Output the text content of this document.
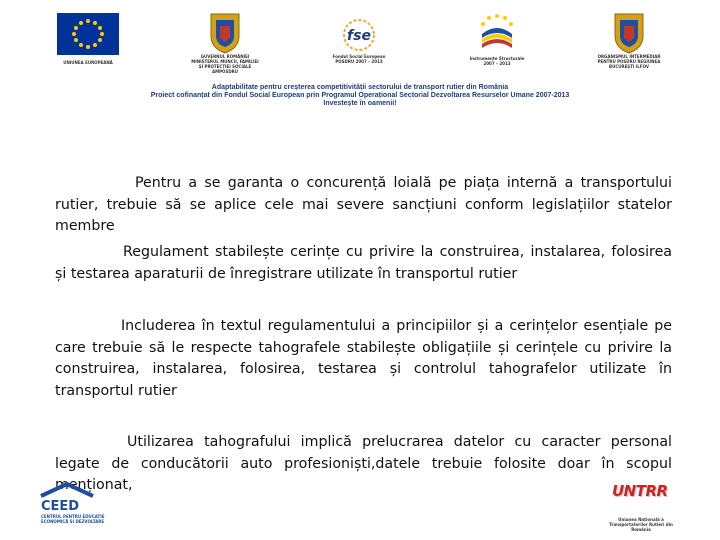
UNIUNEA EUROPEANĂ
GUVERNUL ROMÂNIEI MINISTERUL MUNCII, FAMILIEI ȘI PROTECȚIEI SOCIALE AMPOSDRU
fse
Fondul Social European POSDRU 2007 – 2013
Instrumente Structurale 2007 – 2013
ORGANISMUL INTERMEDIAR PENTRU POSDRU REGIUNEA BUCUREȘTI ILFOV
Adaptabilitate pentru creșterea competitivității sectorului de transport rutier din România
Proiect cofinanțat din Fondul Social European prin Programul Operațional Sectorial Dezvoltarea Resurselor Umane 2007-2013
Investește în oamenii!
Pentru a se garanta o concurență loială pe piața internă a transportului rutier, trebuie să se aplice cele mai severe sancțiuni conform legislațiilor statelor membre
Regulament stabilește cerințe cu privire la construirea, instalarea, folosirea și testarea aparaturii de înregistrare utilizate în transportul rutier
Includerea în textul regulamentului a principiilor și a cerințelor esențiale pe care trebuie să le respecte tahografele stabilește obligațiile și cerințele cu privire la construirea, instalarea, folosirea, testarea și controlul tahografelor utilizate în transportul rutier
Utilizarea tahografului implică prelucrarea datelor cu caracter personal legate de conducătorii auto profesioniști,datele trebuie folosite doar în scopul menționat,
CEED
CENTRUL PENTRU EDUCAȚIE ECONOMICĂ ȘI DEZVOLTARE
UNTRR
Uniunea Națională a Transportatorilor Rutieri din România
